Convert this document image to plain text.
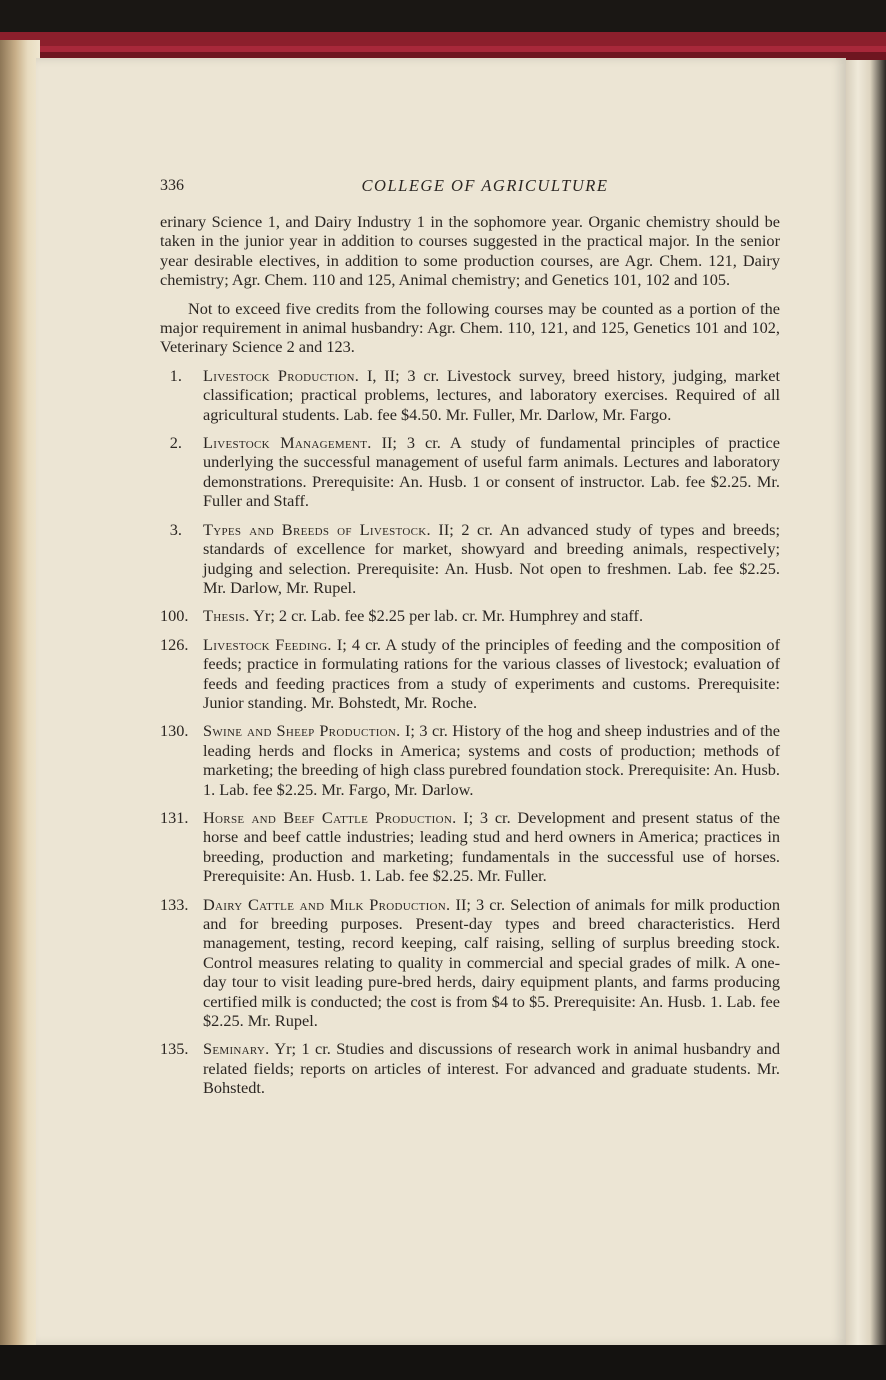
336	COLLEGE OF AGRICULTURE

erinary Science 1, and Dairy Industry 1 in the sophomore year. Organic chemistry should be taken in the junior year in addition to courses suggested in the practical major. In the senior year desirable electives, in addition to some production courses, are Agr. Chem. 121, Dairy chemistry; Agr. Chem. 110 and 125, Animal chemistry; and Genetics 101, 102 and 105.

Not to exceed five credits from the following courses may be counted as a portion of the major requirement in animal husbandry: Agr. Chem. 110, 121, and 125, Genetics 101 and 102, Veterinary Science 2 and 123.

1. Livestock Production. I, II; 3 cr. Livestock survey, breed history, judging, market classification; practical problems, lectures, and laboratory exercises. Required of all agricultural students. Lab. fee $4.50. Mr. Fuller, Mr. Darlow, Mr. Fargo.
2. Livestock Management. II; 3 cr. A study of fundamental principles of practice underlying the successful management of useful farm animals. Lectures and laboratory demonstrations. Prerequisite: An. Husb. 1 or consent of instructor. Lab. fee $2.25. Mr. Fuller and Staff.
3. Types and Breeds of Livestock. II; 2 cr. An advanced study of types and breeds; standards of excellence for market, showyard and breeding animals, respectively; judging and selection. Prerequisite: An. Husb. Not open to freshmen. Lab. fee $2.25. Mr. Darlow, Mr. Rupel.
100. Thesis. Yr; 2 cr. Lab. fee $2.25 per lab. cr. Mr. Humphrey and staff.
126. Livestock Feeding. I; 4 cr. A study of the principles of feeding and the composition of feeds; practice in formulating rations for the various classes of livestock; evaluation of feeds and feeding practices from a study of experiments and customs. Prerequisite: Junior standing. Mr. Bohstedt, Mr. Roche.
130. Swine and Sheep Production. I; 3 cr. History of the hog and sheep industries and of the leading herds and flocks in America; systems and costs of production; methods of marketing; the breeding of high class purebred foundation stock. Prerequisite: An. Husb. 1. Lab. fee $2.25. Mr. Fargo, Mr. Darlow.
131. Horse and Beef Cattle Production. I; 3 cr. Development and present status of the horse and beef cattle industries; leading stud and herd owners in America; practices in breeding, production and marketing; fundamentals in the successful use of horses. Prerequisite: An. Husb. 1. Lab. fee $2.25. Mr. Fuller.
133. Dairy Cattle and Milk Production. II; 3 cr. Selection of animals for milk production and for breeding purposes. Present-day types and breed characteristics. Herd management, testing, record keeping, calf raising, selling of surplus breeding stock. Control measures relating to quality in commercial and special grades of milk. A one-day tour to visit leading pure-bred herds, dairy equipment plants, and farms producing certified milk is conducted; the cost is from $4 to $5. Prerequisite: An. Husb. 1. Lab. fee $2.25. Mr. Rupel.
135. Seminary. Yr; 1 cr. Studies and discussions of research work in animal husbandry and related fields; reports on articles of interest. For advanced and graduate students. Mr. Bohstedt.
